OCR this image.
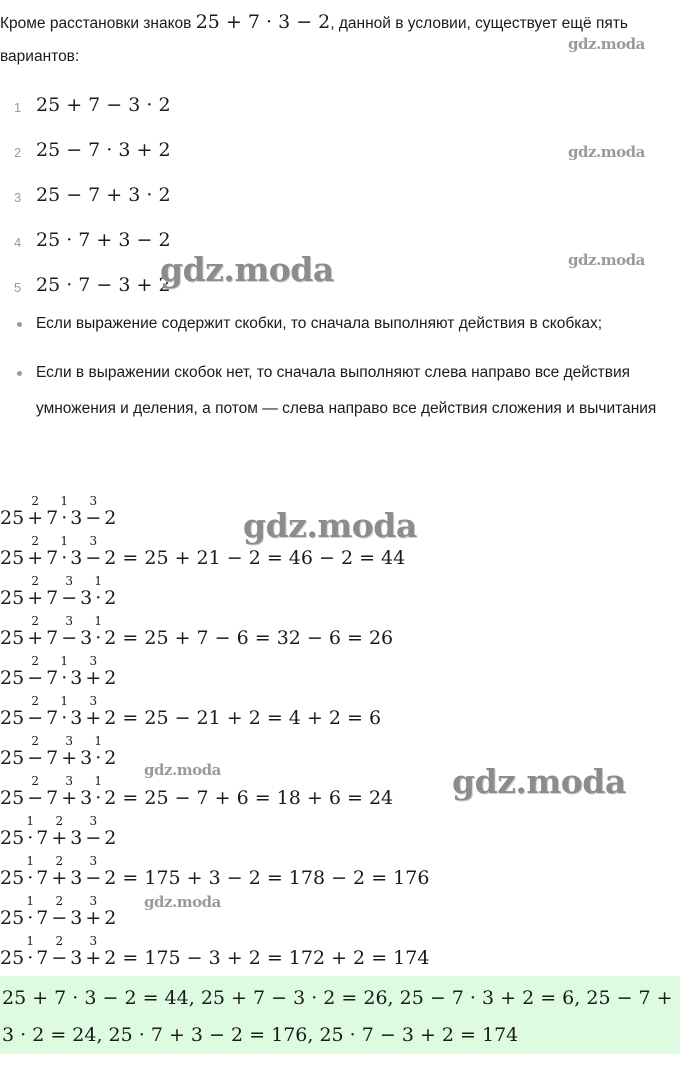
Кроме расстановки знаков 25 + 7 · 3 − 2, данной в условии, существует ещё пять вариантов:
1 25 + 7 − 3 · 2
2 25 − 7 · 3 + 2
3 25 − 7 + 3 · 2
4 25 · 7 + 3 − 2
5 25 · 7 − 3 + 2
Если выражение содержит скобки, то сначала выполняют действия в скобках;
Если в выражении скобок нет, то сначала выполняют слева направо все действия умножения и деления, а потом — слева направо все действия сложения и вычитания
25
2
+ 7
1
· 3
3
− 2
25
2
+ 7
1
· 3
3
− 2 = 25 + 21 − 2 = 46 − 2 = 44
25
2
+ 7
3
− 3
1
· 2
25
2
+ 7
3
− 3
1
· 2 = 25 + 7 − 6 = 32 − 6 = 26
25
2
− 7
1
· 3
3
+ 2
25
2
− 7
1
· 3
3
+ 2 = 25 − 21 + 2 = 4 + 2 = 6
25
2
− 7
3
+ 3
1
· 2
25
2
− 7
3
+ 3
1
· 2 = 25 − 7 + 6 = 18 + 6 = 24
25
1
· 7
2
+ 3
3
− 2
25
1
· 7
2
+ 3
3
− 2 = 175 + 3 − 2 = 178 − 2 = 176
25
1
· 7
2
− 3
3
+ 2
25
1
· 7
2
− 3
3
+ 2 = 175 − 3 + 2 = 172 + 2 = 174
25 + 7 · 3 − 2 = 44, 25 + 7 − 3 · 2 = 26, 25 − 7 · 3 + 2 = 6, 25 − 7 + 3 · 2 = 24, 25 · 7 + 3 − 2 = 176, 25 · 7 − 3 + 2 = 174
gdz.moda
gdz.moda
gdz.moda
gdz.moda
gdz.moda
gdz.moda	gdz.moda
gdz.moda
